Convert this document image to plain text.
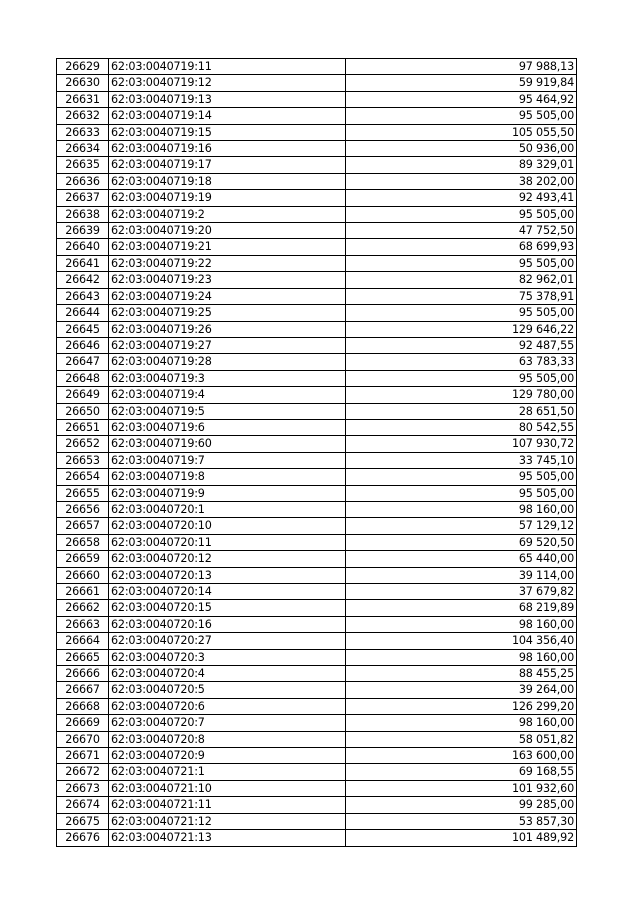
26629	62:03:0040719:11	97 988,13
26630	62:03:0040719:12	59 919,84
26631	62:03:0040719:13	95 464,92
26632	62:03:0040719:14	95 505,00
26633	62:03:0040719:15	105 055,50
26634	62:03:0040719:16	50 936,00
26635	62:03:0040719:17	89 329,01
26636	62:03:0040719:18	38 202,00
26637	62:03:0040719:19	92 493,41
26638	62:03:0040719:2	95 505,00
26639	62:03:0040719:20	47 752,50
26640	62:03:0040719:21	68 699,93
26641	62:03:0040719:22	95 505,00
26642	62:03:0040719:23	82 962,01
26643	62:03:0040719:24	75 378,91
26644	62:03:0040719:25	95 505,00
26645	62:03:0040719:26	129 646,22
26646	62:03:0040719:27	92 487,55
26647	62:03:0040719:28	63 783,33
26648	62:03:0040719:3	95 505,00
26649	62:03:0040719:4	129 780,00
26650	62:03:0040719:5	28 651,50
26651	62:03:0040719:6	80 542,55
26652	62:03:0040719:60	107 930,72
26653	62:03:0040719:7	33 745,10
26654	62:03:0040719:8	95 505,00
26655	62:03:0040719:9	95 505,00
26656	62:03:0040720:1	98 160,00
26657	62:03:0040720:10	57 129,12
26658	62:03:0040720:11	69 520,50
26659	62:03:0040720:12	65 440,00
26660	62:03:0040720:13	39 114,00
26661	62:03:0040720:14	37 679,82
26662	62:03:0040720:15	68 219,89
26663	62:03:0040720:16	98 160,00
26664	62:03:0040720:27	104 356,40
26665	62:03:0040720:3	98 160,00
26666	62:03:0040720:4	88 455,25
26667	62:03:0040720:5	39 264,00
26668	62:03:0040720:6	126 299,20
26669	62:03:0040720:7	98 160,00
26670	62:03:0040720:8	58 051,82
26671	62:03:0040720:9	163 600,00
26672	62:03:0040721:1	69 168,55
26673	62:03:0040721:10	101 932,60
26674	62:03:0040721:11	99 285,00
26675	62:03:0040721:12	53 857,30
26676	62:03:0040721:13	101 489,92
